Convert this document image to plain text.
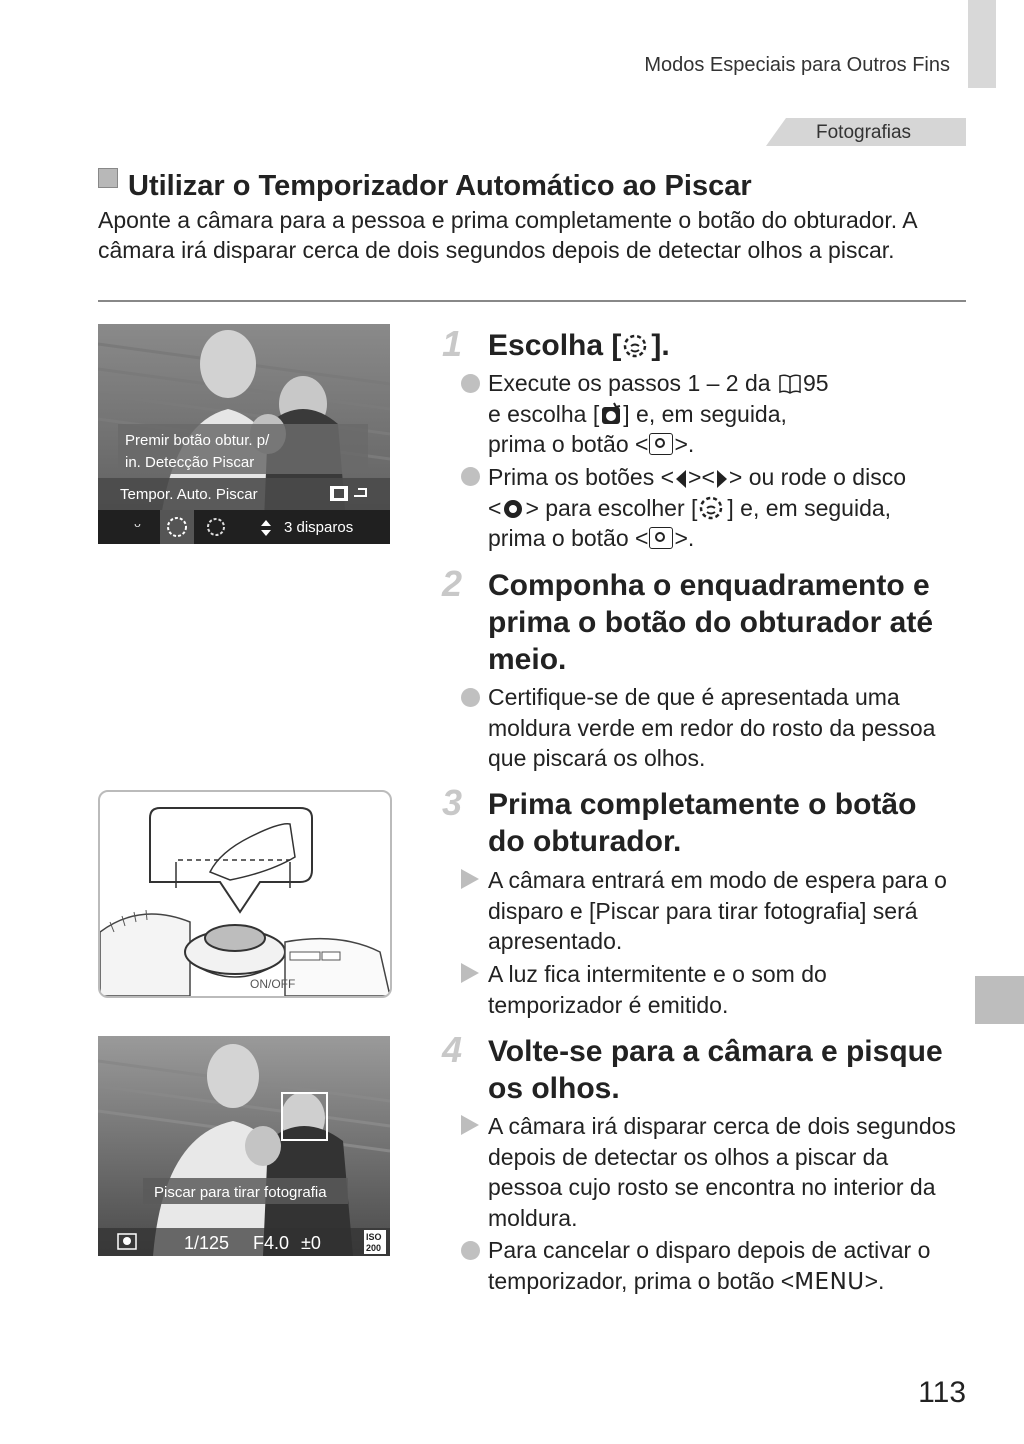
Modos Especiais para Outros Fins
Fotografias
Utilizar o Temporizador Automático ao Piscar
Aponte a câmara para a pessoa e prima completamente o botão do obturador. A câmara irá disparar cerca de dois segundos depois de detectar olhos a piscar.
Premir botão obtur. p/
in. Detecção Piscar
Tempor. Auto. Piscar
ᵕ	3 disparos
ON/OFF
Piscar para tirar fotografia
1/125 F4.0 ±0	ISO
200
1 Escolha [ ].
Execute os passos 1 – 2 da 95
e escolha [ ] e, em seguida,
prima o botão < >.
Prima os botões < >< > ou rode o disco
< > para escolher [ ] e, em seguida,
prima o botão < >.
2 Componha o enquadramento e prima o botão do obturador até meio.
Certifique-se de que é apresentada uma moldura verde em redor do rosto da pessoa que piscará os olhos.
3 Prima completamente o botão do obturador.
A câmara entrará em modo de espera para o disparo e [Piscar para tirar fotografia] será apresentado.
A luz fica intermitente e o som do temporizador é emitido.
4 Volte-se para a câmara e pisque os olhos.
A câmara irá disparar cerca de dois segundos depois de detectar os olhos a piscar da pessoa cujo rosto se encontra no interior da moldura.
Para cancelar o disparo depois de activar o temporizador, prima o botão <MENU>.
113
